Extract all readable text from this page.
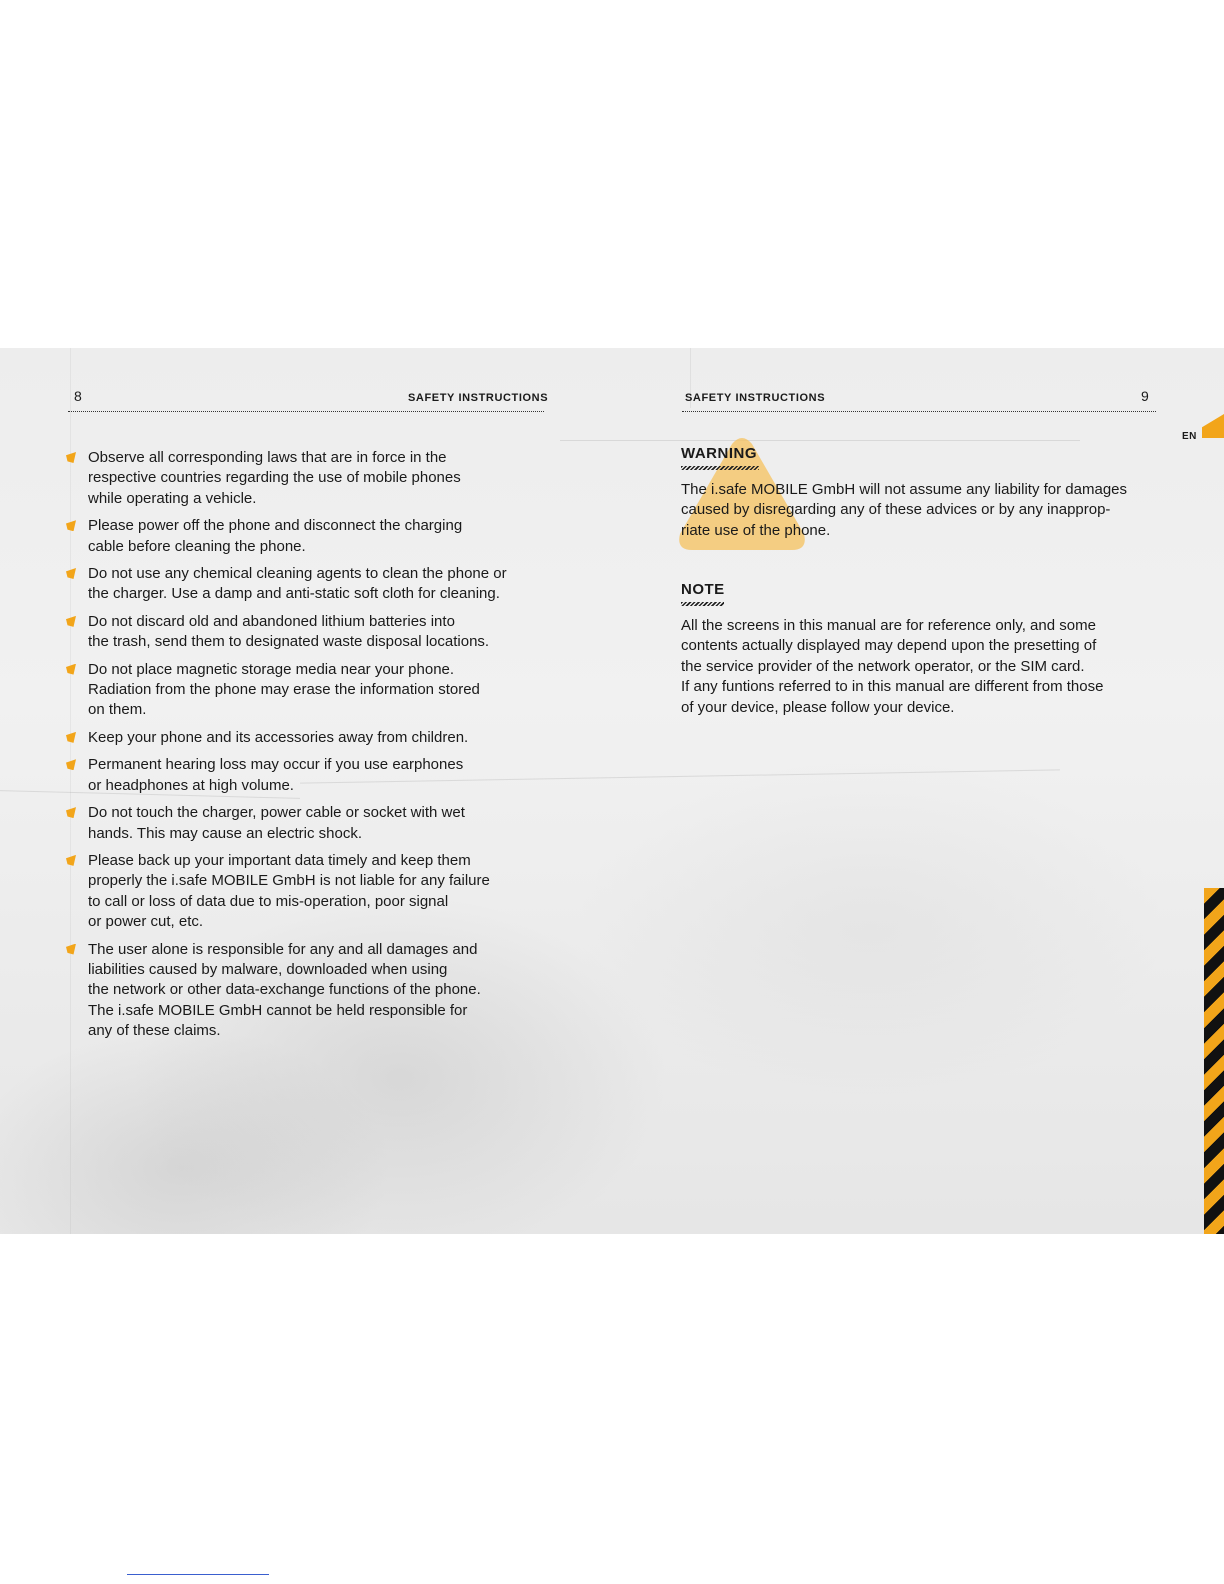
8	SAFETY INSTRUCTIONS
Observe all corresponding laws that are in force in the
respective countries regarding the use of mobile phones
while operating a vehicle.
Please power off the phone and disconnect the charging
cable before cleaning the phone.
Do not use any chemical cleaning agents to clean the phone or
the charger. Use a damp and anti-static soft cloth for cleaning.
Do not discard old and abandoned lithium batteries into
the trash, send them to designated waste disposal locations.
Do not place magnetic storage media near your phone.
Radiation from the phone may erase the information stored
on them.
Keep your phone and its accessories away from children.
Permanent hearing loss may occur if you use earphones
or headphones at high volume.
Do not touch the charger, power cable or socket with wet
hands. This may cause an electric shock.
Please back up your important data timely and keep them
properly the i.safe MOBILE GmbH is not liable for any failure
to call or loss of data due to mis-operation, poor signal
or power cut, etc.
The user alone is responsible for any and all damages and
liabilities caused by malware, downloaded when using
the network or other data-exchange functions of the phone.
The i.safe MOBILE GmbH cannot be held responsible for
any of these claims.
SAFETY INSTRUCTIONS	9
EN
WARNING

The i.safe MOBILE GmbH will not assume any liability for damages
caused by disregarding any of these advices or by any inapprop-
riate use of the phone.

NOTE

All the screens in this manual are for reference only, and some
contents actually displayed may depend upon the presetting of
the service provider of the network operator, or the SIM card.
If any funtions referred to in this manual are different from those
of your device, please follow your device.
